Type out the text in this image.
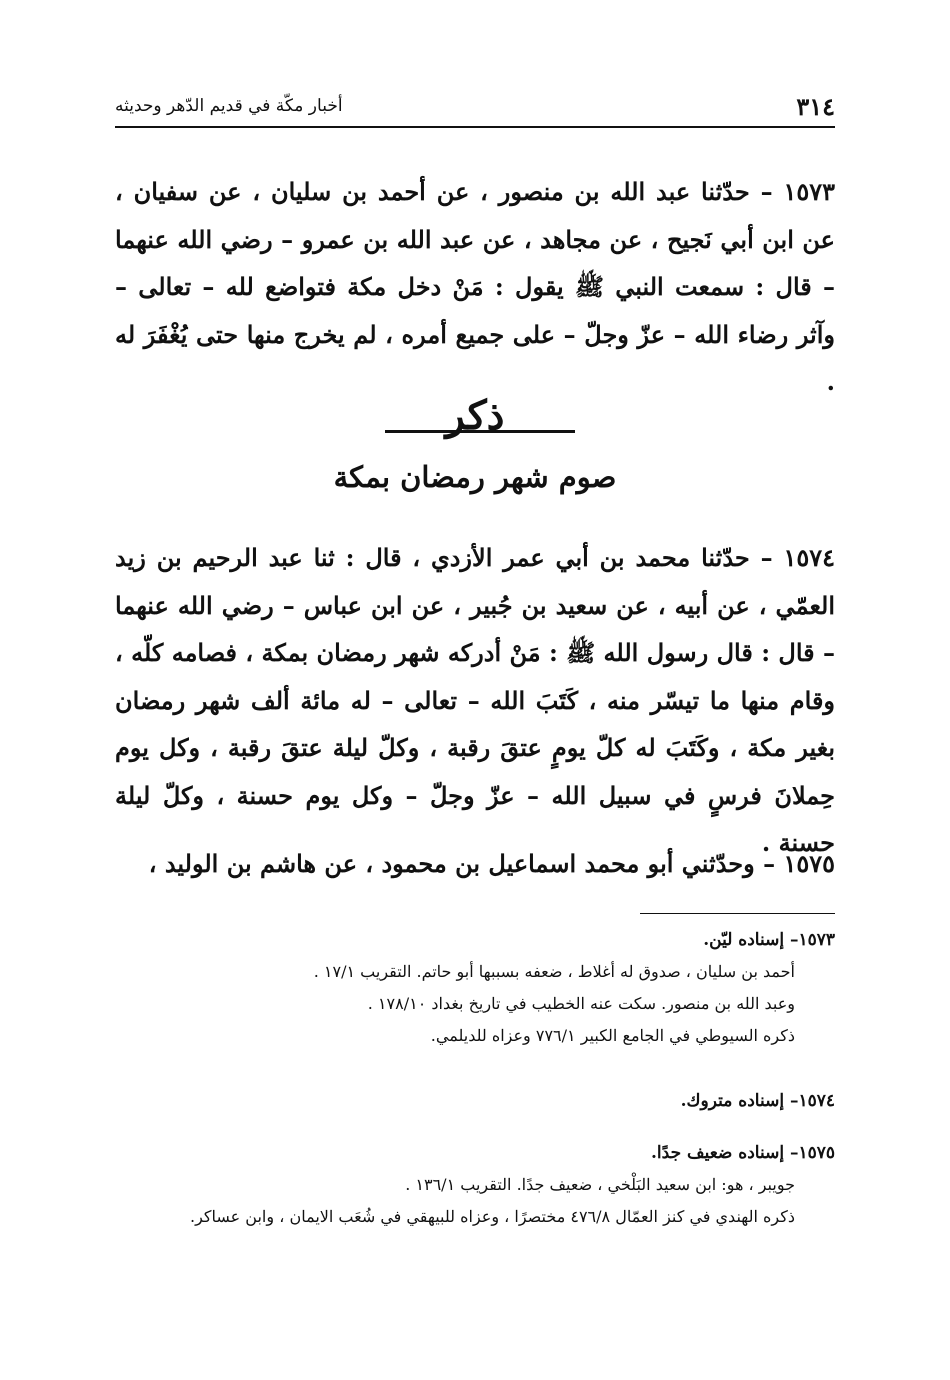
٣١٤
أخبار مكّة في قديم الدّهر وحديثه
١٥٧٣ – حدّثنا عبد الله بن منصور ، عن أحمد بن سليان ، عن سفيان ، عن ابن أبي نَجيح ، عن مجاهد ، عن عبد الله بن عمرو – رضي الله عنهما – قال : سمعت النبي ﷺ يقول : مَنْ دخل مكة فتواضع لله – تعالى – وآثر رضاء الله – عزّ وجلّ – على جميع أمره ، لم يخرج منها حتى يُغْفَرَ له .
ذكر
صوم شهر رمضان بمكة
١٥٧٤ – حدّثنا محمد بن أبي عمر الأزدي ، قال : ثنا عبد الرحيم بن زيد العمّي ، عن أبيه ، عن سعيد بن جُبير ، عن ابن عباس – رضي الله عنهما – قال : قال رسول الله ﷺ : مَنْ أدركه شهر رمضان بمكة ، فصامه كلّه ، وقام منها ما تيسّر منه ، كَتَبَ الله – تعالى – له مائة ألف شهر رمضان بغير مكة ، وكَتَبَ له كلّ يومٍ عتقَ رقبة ، وكلّ ليلة عتقَ رقبة ، وكل يوم حِملانَ فرسٍ في سبيل الله – عزّ وجلّ – وكل يوم حسنة ، وكلّ ليلة حسنة .
١٥٧٥ – وحدّثني أبو محمد اسماعيل بن محمود ، عن هاشم بن الوليد ،
١٥٧٣– إسناده ليّن.
أحمد بن سليان ، صدوق له أغلاط ، ضعفه بسببها أبو حاتم. التقريب ١٧/١ .
وعبد الله بن منصور. سكت عنه الخطيب في تاريخ بغداد ١٧٨/١٠ .
ذكره السيوطي في الجامع الكبير ٧٧٦/١ وعزاه للديلمي.
١٥٧٤– إسناده متروك.
١٥٧٥– إسناده ضعيف جدًا.
جويبر ، هو: ابن سعيد البَلْخي ، ضعيف جدًا. التقريب ١٣٦/١ .
ذكره الهندي في كنز العمّال ٤٧٦/٨ مختصرًا ، وعزاه للبيهقي في شُعَب الايمان ، وابن عساكر.
